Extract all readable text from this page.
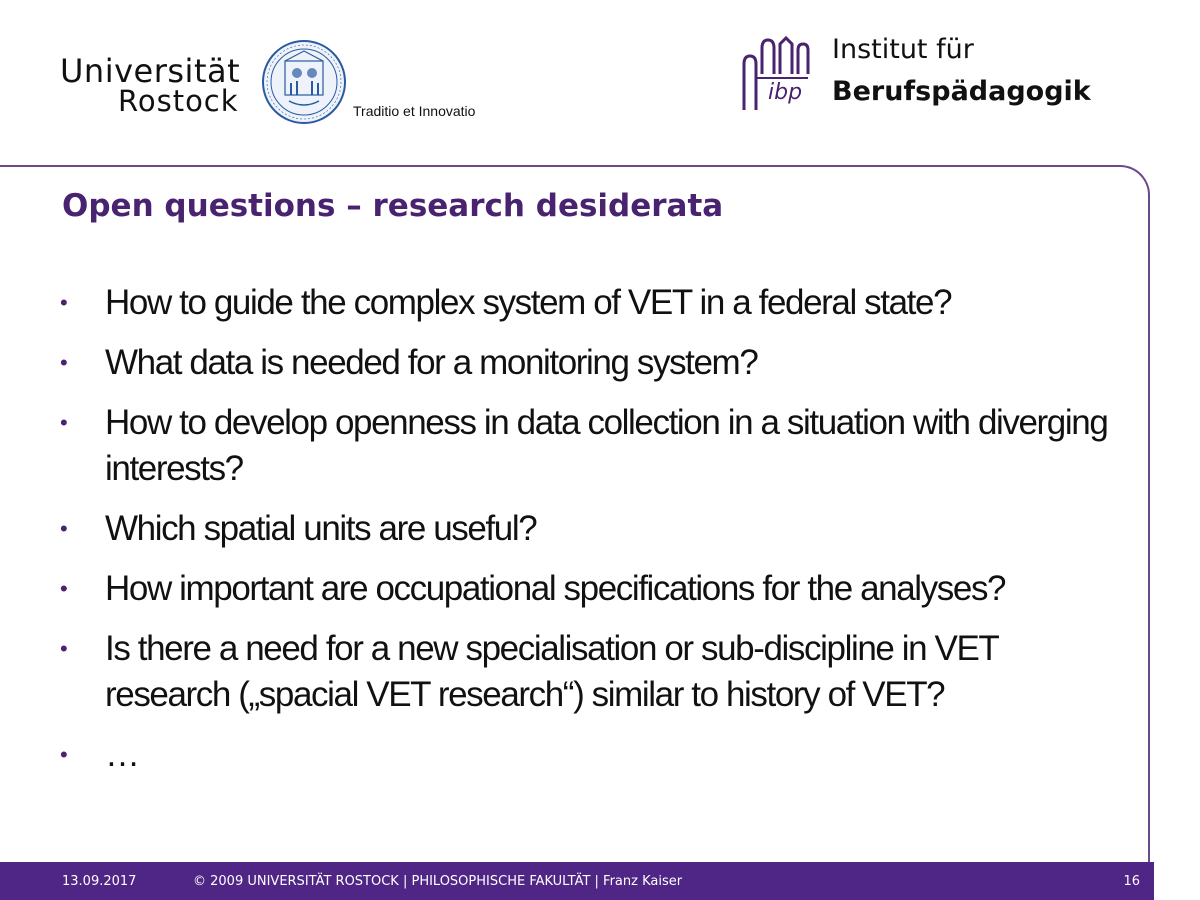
Universität
Rostock	Traditio et Innovatio
ibp
Institut für
Berufspädagogik
Open questions – research desiderata
• How to guide the complex system of VET in a federal state?
• What data is needed for a monitoring system?
• How to develop openness in data collection in a situation with diverging interests?
• Which spatial units are useful?
• How important are occupational specifications for the analyses?
• Is there a need for a new specialisation or sub-discipline in VET research („spacial VET research“) similar to history of VET?
• …
13.09.2017	© 2009 UNIVERSITÄT ROSTOCK | PHILOSOPHISCHE FAKULTÄT | Franz Kaiser	16
